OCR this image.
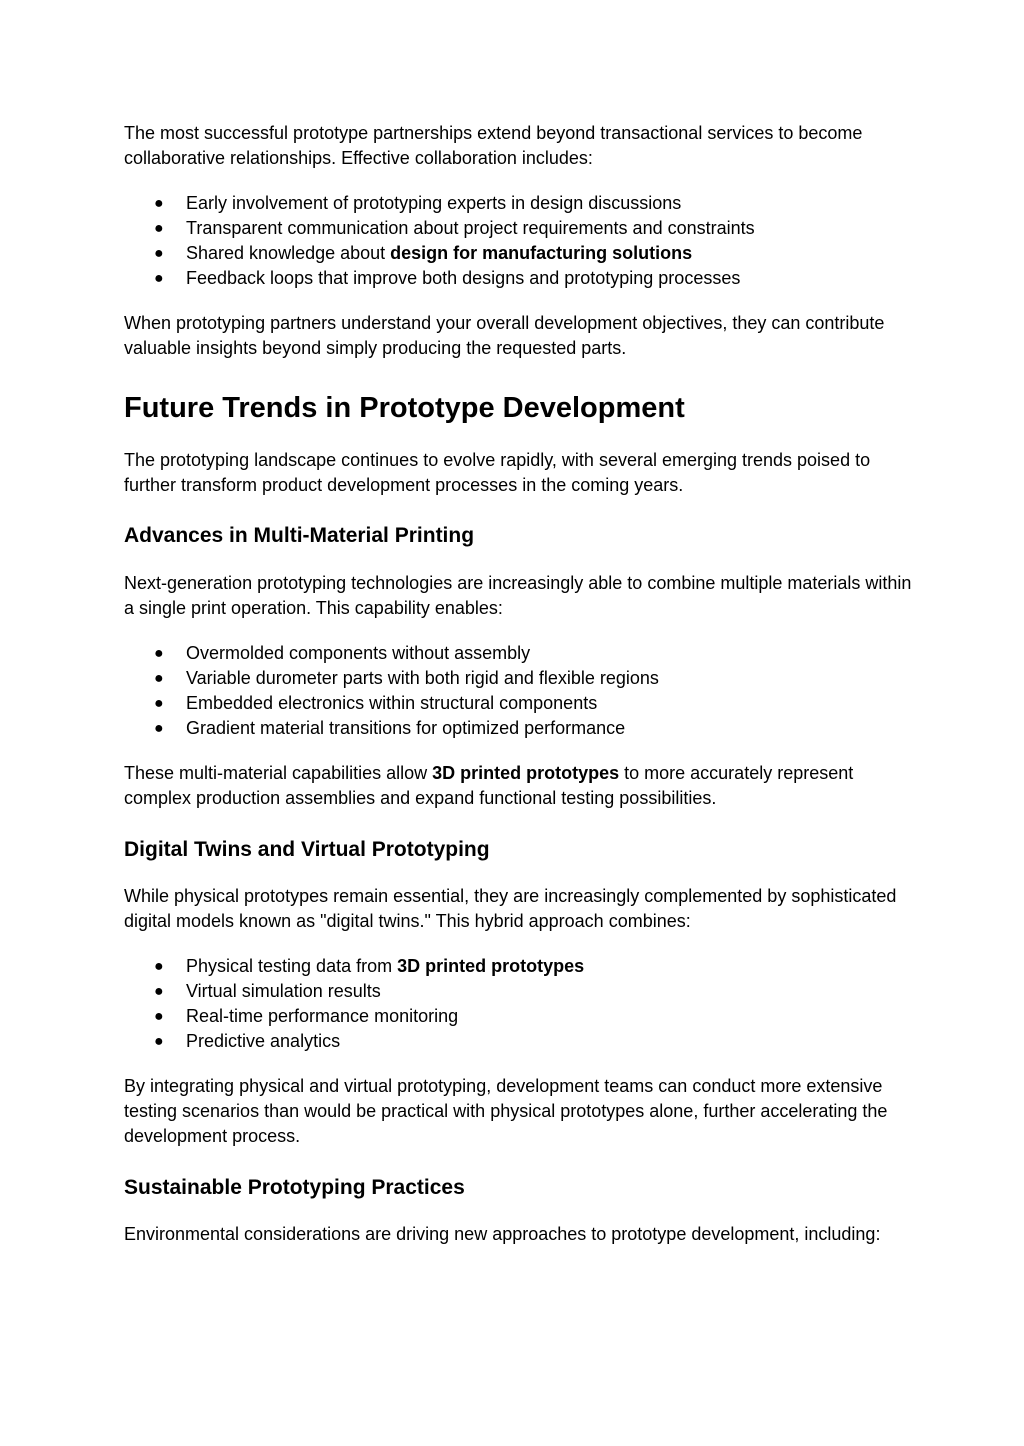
The most successful prototype partnerships extend beyond transactional services to become collaborative relationships. Effective collaboration includes:

● Early involvement of prototyping experts in design discussions
● Transparent communication about project requirements and constraints
● Shared knowledge about design for manufacturing solutions
● Feedback loops that improve both designs and prototyping processes

When prototyping partners understand your overall development objectives, they can contribute valuable insights beyond simply producing the requested parts.

Future Trends in Prototype Development

The prototyping landscape continues to evolve rapidly, with several emerging trends poised to further transform product development processes in the coming years.

Advances in Multi-Material Printing

Next-generation prototyping technologies are increasingly able to combine multiple materials within a single print operation. This capability enables:

● Overmolded components without assembly
● Variable durometer parts with both rigid and flexible regions
● Embedded electronics within structural components
● Gradient material transitions for optimized performance

These multi-material capabilities allow 3D printed prototypes to more accurately represent complex production assemblies and expand functional testing possibilities.

Digital Twins and Virtual Prototyping

While physical prototypes remain essential, they are increasingly complemented by sophisticated digital models known as "digital twins." This hybrid approach combines:

● Physical testing data from 3D printed prototypes
● Virtual simulation results
● Real-time performance monitoring
● Predictive analytics

By integrating physical and virtual prototyping, development teams can conduct more extensive testing scenarios than would be practical with physical prototypes alone, further accelerating the development process.

Sustainable Prototyping Practices

Environmental considerations are driving new approaches to prototype development, including:
